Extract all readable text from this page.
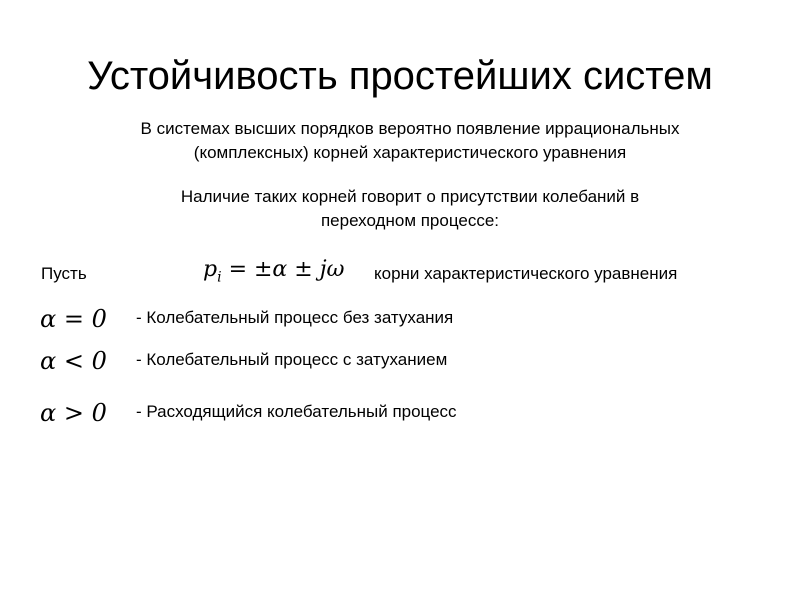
Устойчивость простейших систем
В системах высших порядков вероятно появление иррациональных
(комплексных) корней характеристического уравнения
Наличие таких корней говорит о присутствии колебаний в
переходном процессе:
Пусть	$p_i = \pm\alpha \pm j\omega$ корни характеристического уравнения
α = 0 - Колебательный процесс без затухания
α < 0 - Колебательный процесс с затуханием
α > 0 - Расходящийся колебательный процесс
